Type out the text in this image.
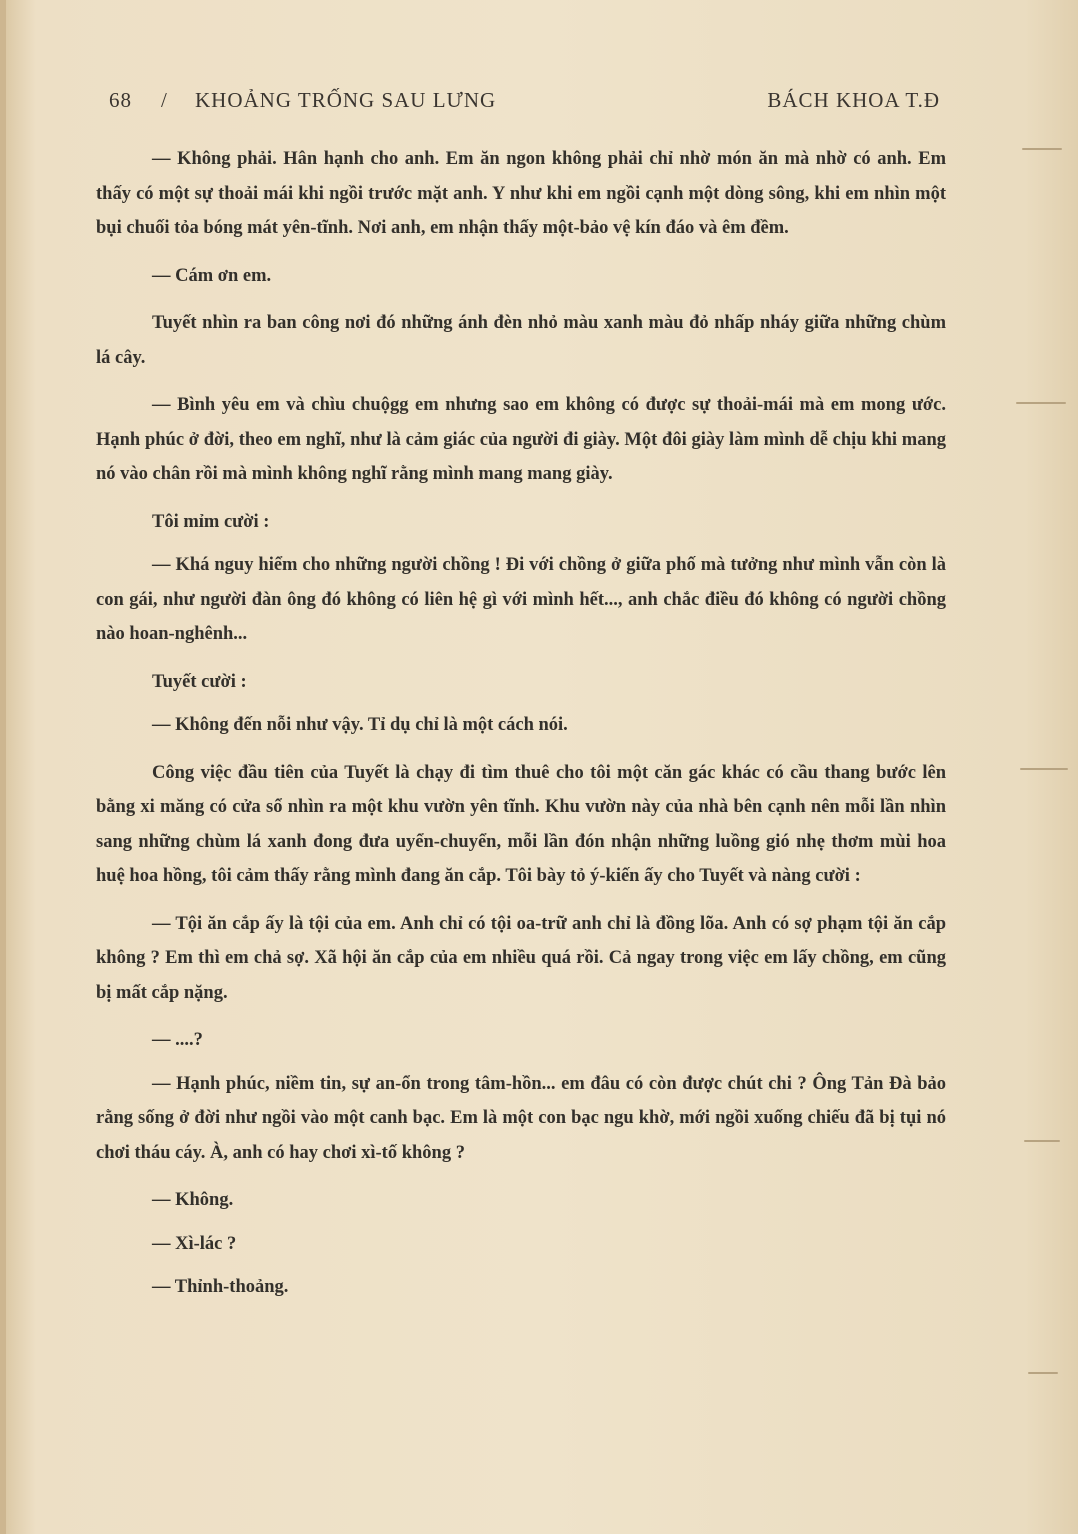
68 / KHOẢNG TRỐNG SAU LƯNG	BÁCH KHOA T.Đ

— Không phải. Hân hạnh cho anh. Em ăn ngon không phải chỉ nhờ món ăn mà nhờ có anh. Em thấy có một sự thoải mái khi ngồi trước mặt anh. Y như khi em ngồi cạnh một dòng sông, khi em nhìn một bụi chuối tỏa bóng mát yên-tĩnh. Nơi anh, em nhận thấy một-bảo vệ kín đáo và êm đềm.

— Cám ơn em.

Tuyết nhìn ra ban công nơi đó những ánh đèn nhỏ màu xanh màu đỏ nhấp nháy giữa những chùm lá cây.

— Bình yêu em và chìu chuộgg em nhưng sao em không có được sự thoải-mái mà em mong ước. Hạnh phúc ở đời, theo em nghĩ, như là cảm giác của người đi giày. Một đôi giày làm mình dễ chịu khi mang nó vào chân rồi mà mình không nghĩ rằng mình mang mang giày.

Tôi mỉm cười :

— Khá nguy hiểm cho những người chồng ! Đi với chồng ở giữa phố mà tưởng như mình vẫn còn là con gái, như người đàn ông đó không có liên hệ gì với mình hết..., anh chắc điều đó không có người chồng nào hoan-nghênh...

Tuyết cười :

— Không đến nỗi như vậy. Tỉ dụ chỉ là một cách nói.

Công việc đầu tiên của Tuyết là chạy đi tìm thuê cho tôi một căn gác khác có cầu thang bước lên bằng xi măng có cửa sổ nhìn ra một khu vườn yên tĩnh. Khu vườn này của nhà bên cạnh nên mỗi lần nhìn sang những chùm lá xanh đong đưa uyển-chuyển, mỗi lần đón nhận những luồng gió nhẹ thơm mùi hoa huệ hoa hồng, tôi cảm thấy rằng mình đang ăn cắp. Tôi bày tỏ ý-kiến ấy cho Tuyết và nàng cười :

— Tội ăn cắp ấy là tội của em. Anh chỉ có tội oa-trữ anh chỉ là đồng lõa. Anh có sợ phạm tội ăn cắp không ? Em thì em chả sợ. Xã hội ăn cắp của em nhiều quá rồi. Cả ngay trong việc em lấy chồng, em cũng bị mất cắp nặng.

— ....?

— Hạnh phúc, niềm tin, sự an-ổn trong tâm-hồn... em đâu có còn được chút chi ? Ông Tản Đà bảo rằng sống ở đời như ngồi vào một canh bạc. Em là một con bạc ngu khờ, mới ngồi xuống chiếu đã bị tụi nó chơi tháu cáy. À, anh có hay chơi xì-tố không ?

— Không.

— Xì-lác ?

— Thỉnh-thoảng.
